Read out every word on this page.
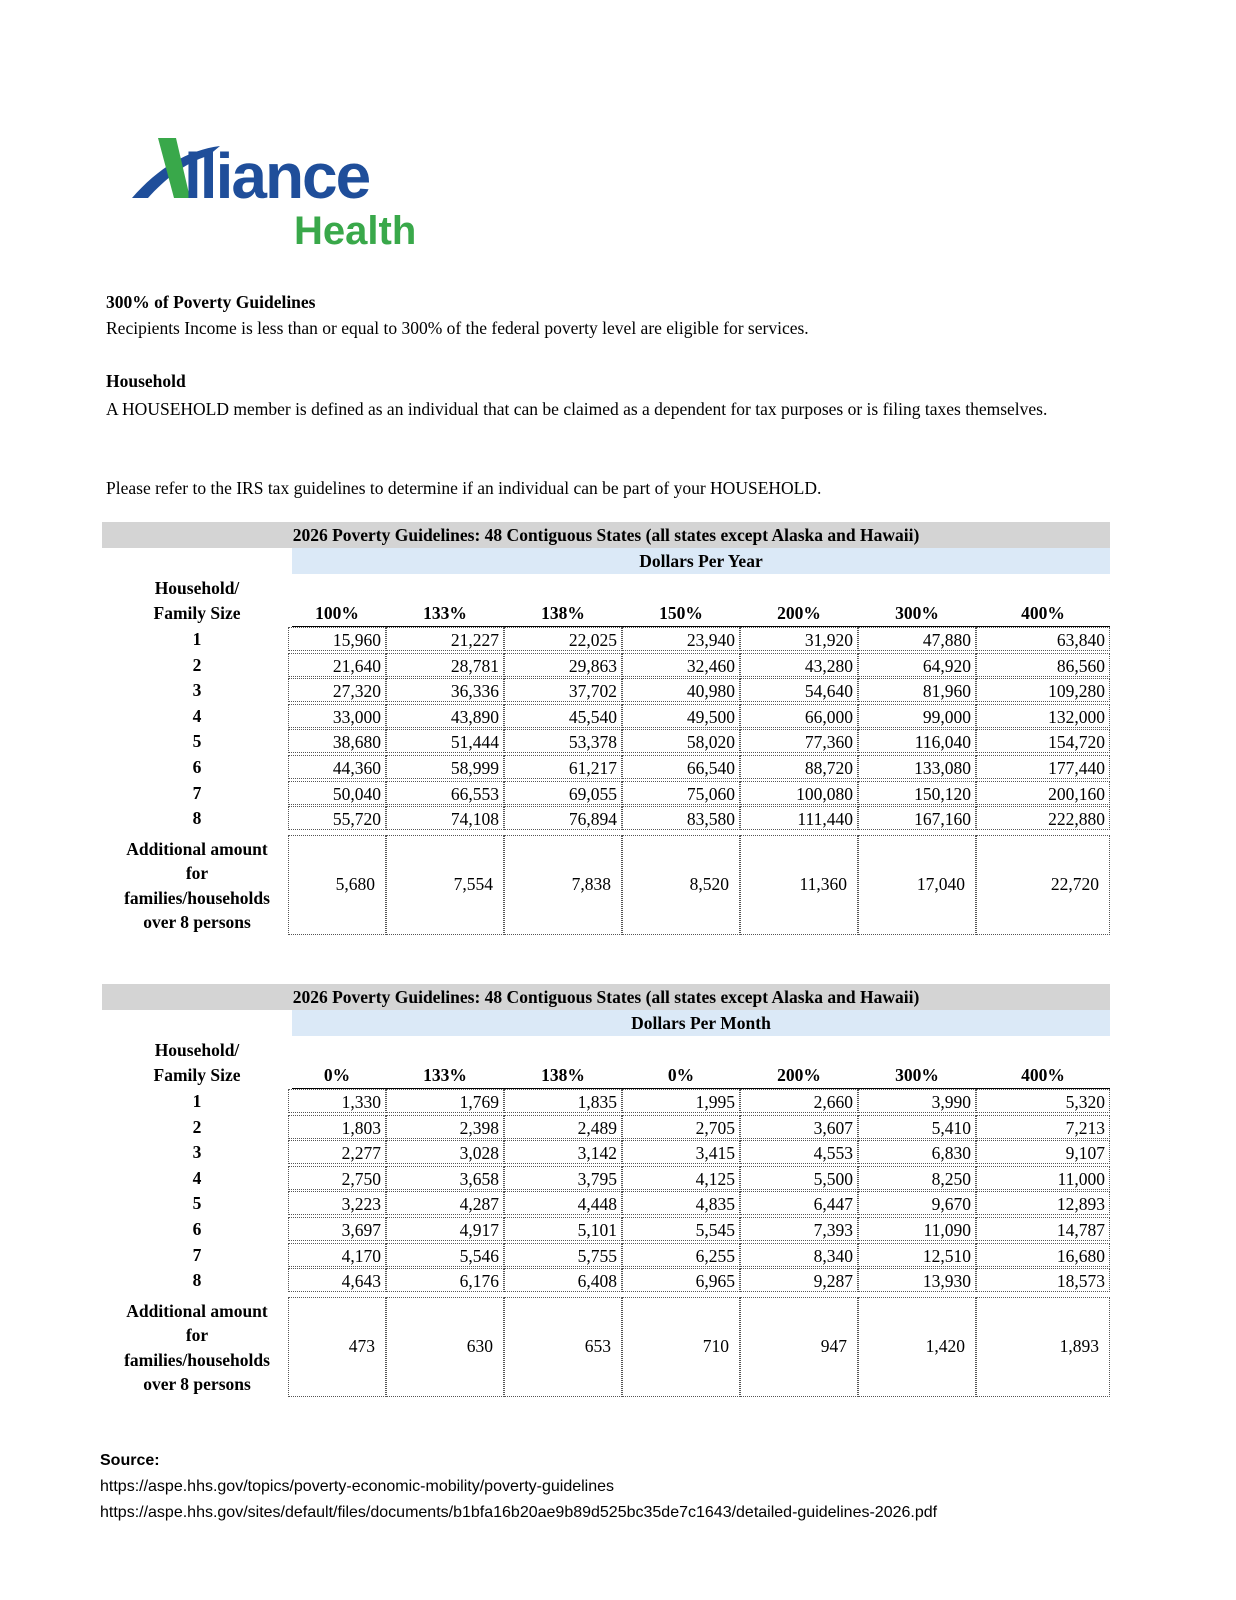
lliance
Health
300% of Poverty Guidelines
Recipients Income is less than or equal to 300% of the federal poverty level are eligible for services.
Household
A HOUSEHOLD member is defined as an individual that can be claimed as a dependent for tax purposes or is filing taxes themselves.
Please refer to the IRS tax guidelines to determine if an individual can be part of your HOUSEHOLD.
2026 Poverty Guidelines: 48 Contiguous States (all states except Alaska and Hawaii)
Dollars Per Year
Household/
Family Size	100%	133%	138%	150%	200%	300%	400%
1	15,960	21,227	22,025	23,940	31,920	47,880	63,840
2	21,640	28,781	29,863	32,460	43,280	64,920	86,560
3	27,320	36,336	37,702	40,980	54,640	81,960	109,280
4	33,000	43,890	45,540	49,500	66,000	99,000	132,000
5	38,680	51,444	53,378	58,020	77,360	116,040	154,720
6	44,360	58,999	61,217	66,540	88,720	133,080	177,440
7	50,040	66,553	69,055	75,060	100,080	150,120	200,160
8	55,720	74,108	76,894	83,580	111,440	167,160	222,880
Additional amount
for
families/households
over 8 persons
5,680	7,554	7,838	8,520	11,360	17,040	22,720
2026 Poverty Guidelines: 48 Contiguous States (all states except Alaska and Hawaii)
Dollars Per Month
Household/
Family Size	0%	133%	138%	0%	200%	300%	400%
1	1,330	1,769	1,835	1,995	2,660	3,990	5,320
2	1,803	2,398	2,489	2,705	3,607	5,410	7,213
3	2,277	3,028	3,142	3,415	4,553	6,830	9,107
4	2,750	3,658	3,795	4,125	5,500	8,250	11,000
5	3,223	4,287	4,448	4,835	6,447	9,670	12,893
6	3,697	4,917	5,101	5,545	7,393	11,090	14,787
7	4,170	5,546	5,755	6,255	8,340	12,510	16,680
8	4,643	6,176	6,408	6,965	9,287	13,930	18,573
Additional amount
for
families/households
over 8 persons
473	630	653	710	947	1,420	1,893
Source:
https://aspe.hhs.gov/topics/poverty-economic-mobility/poverty-guidelines
https://aspe.hhs.gov/sites/default/files/documents/b1bfa16b20ae9b89d525bc35de7c1643/detailed-guidelines-2026.pdf
